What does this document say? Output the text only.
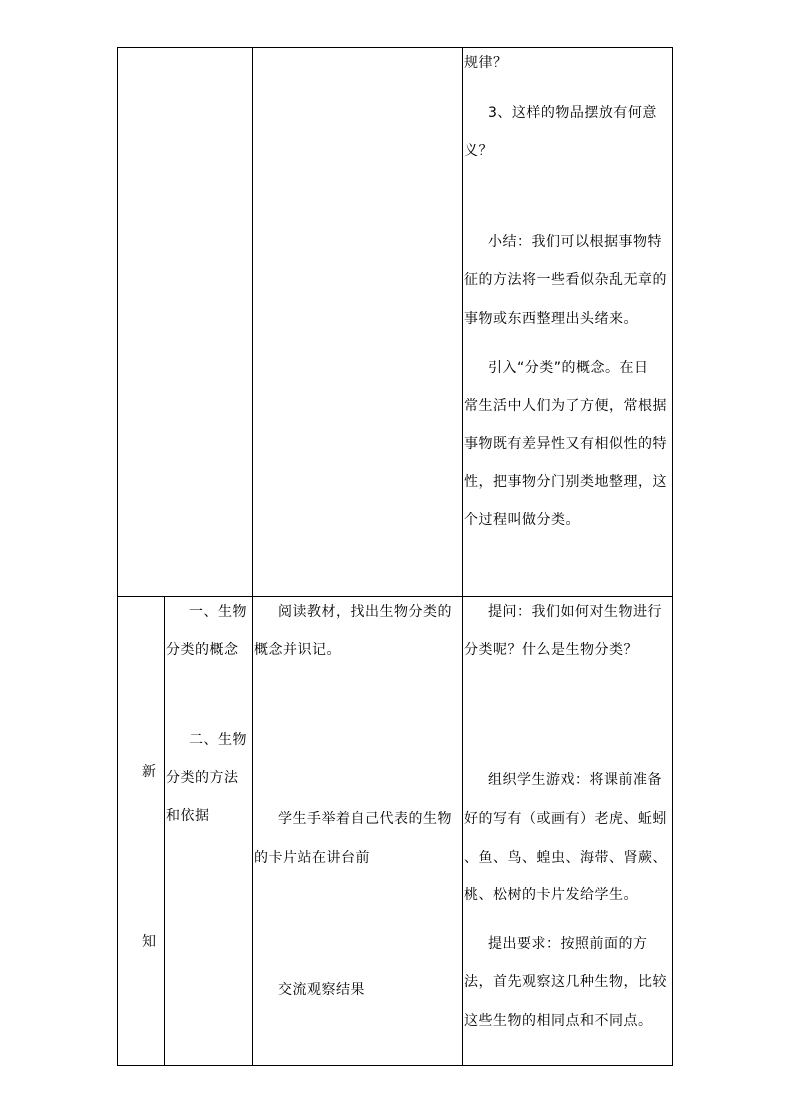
规律？
3、这样的物品摆放有何意
义？
小结：我们可以根据事物特
征的方法将一些看似杂乱无章的
事物或东西整理出头绪来。
引入“分类”的概念。在日
常生活中人们为了方便，常根据
事物既有差异性又有相似性的特
性，把事物分门别类地整理，这
个过程叫做分类。
新
知
一、生物
分类的概念
二、生物
分类的方法
和依据
阅读教材，找出生物分类的
概念并识记。
学生手举着自己代表的生物
的卡片站在讲台前
交流观察结果
提问：我们如何对生物进行
分类呢？什么是生物分类？
组织学生游戏：将课前准备
好的写有（或画有）老虎、蚯蚓
、鱼、鸟、蝗虫、海带、肾蕨、
桃、松树的卡片发给学生。
提出要求：按照前面的方
法，首先观察这几种生物，比较
这些生物的相同点和不同点。
